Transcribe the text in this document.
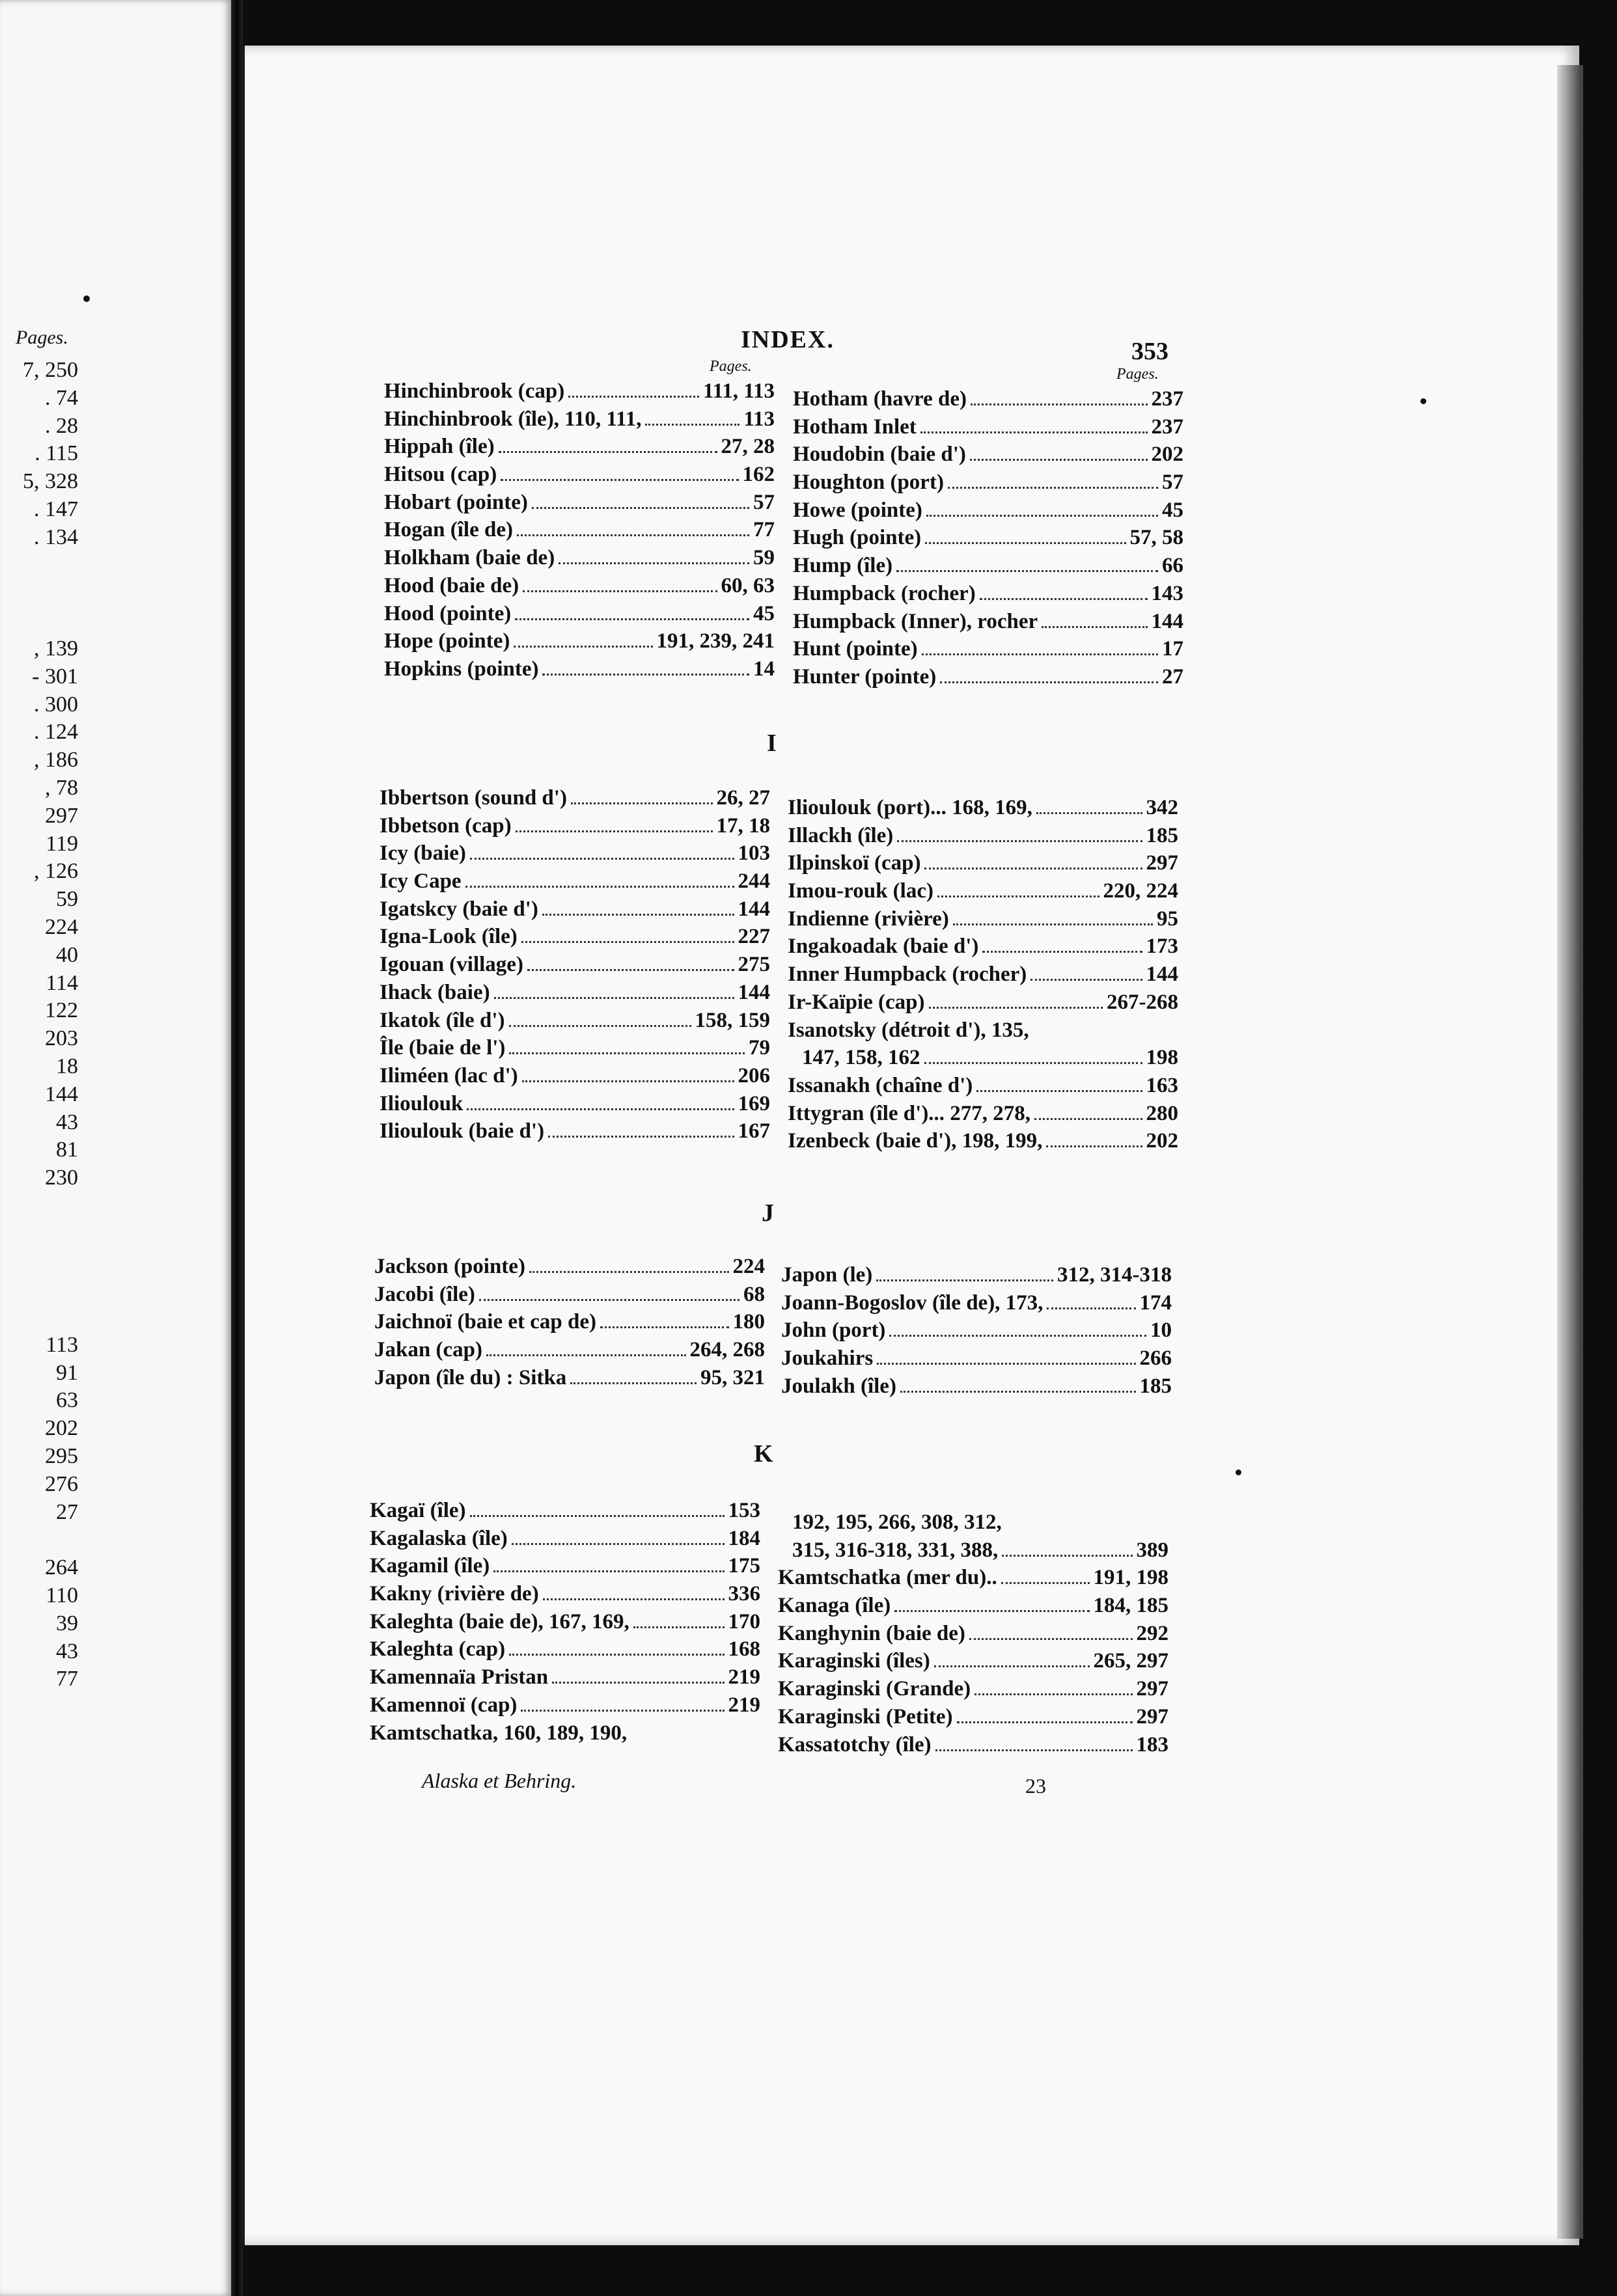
Pages.
7, 250
. 74
. 28
. 115
5, 328
. 147
. 134
, 139
- 301
. 300
. 124
, 186
, 78
297
119
, 126
59
224
40
114
122
203
18
144
43
81
230
113
91
63
202
295
276
27
264
110
39
43
77
INDEX.	353
Pages.	Pages.
Hinchinbrook (cap)	111, 113
Hinchinbrook (île), 110, 111,	113
Hippah (île)	27, 28
Hitsou (cap)	162
Hobart (pointe)	57
Hogan (île de)	77
Holkham (baie de)	59
Hood (baie de)	60, 63
Hood (pointe)	45
Hope (pointe)	191, 239, 241
Hopkins (pointe)	14
Hotham (havre de)	237
Hotham Inlet	237
Houdobin (baie d')	202
Houghton (port)	57
Howe (pointe)	45
Hugh (pointe)	57, 58
Hump (île)	66
Humpback (rocher)	143
Humpback (Inner), rocher	144
Hunt (pointe)	17
Hunter (pointe)	27
I
Ibbertson (sound d')	26, 27
Ibbetson (cap)	17, 18
Icy (baie)	103
Icy Cape	244
Igatskcy (baie d')	144
Igna-Look (île)	227
Igouan (village)	275
Ihack (baie)	144
Ikatok (île d')	158, 159
Île (baie de l')	79
Iliméen (lac d')	206
Ilioulouk	169
Ilioulouk (baie d')	167
Ilioulouk (port)... 168, 169,	342
Illackh (île)	185
Ilpinskoï (cap)	297
Imou-rouk (lac)	220, 224
Indienne (rivière)	95
Ingakoadak (baie d')	173
Inner Humpback (rocher)	144
Ir-Kaïpie (cap)	267-268
Isanotsky (détroit d'), 135,
147, 158, 162	198
Issanakh (chaîne d')	163
Ittygran (île d')... 277, 278,	280
Izenbeck (baie d'), 198, 199,	202
J
Jackson (pointe)	224
Jacobi (île)	68
Jaichnoï (baie et cap de)	180
Jakan (cap)	264, 268
Japon (île du) : Sitka	95, 321
Japon (le)	312, 314-318
Joann-Bogoslov (île de), 173,	174
John (port)	10
Joukahirs	266
Joulakh (île)	185
K
Kagaï (île)	153
Kagalaska (île)	184
Kagamil (île)	175
Kakny (rivière de)	336
Kaleghta (baie de), 167, 169,	170
Kaleghta (cap)	168
Kamennaïa Pristan	219
Kamennoï (cap)	219
Kamtschatka, 160, 189, 190,
192, 195, 266, 308, 312,
315, 316-318, 331, 388,	389
Kamtschatka (mer du)..	191, 198
Kanaga (île)	184, 185
Kanghynin (baie de)	292
Karaginski (îles)	265, 297
Karaginski (Grande)	297
Karaginski (Petite)	297
Kassatotchy (île)	183
Alaska et Behring.	23
